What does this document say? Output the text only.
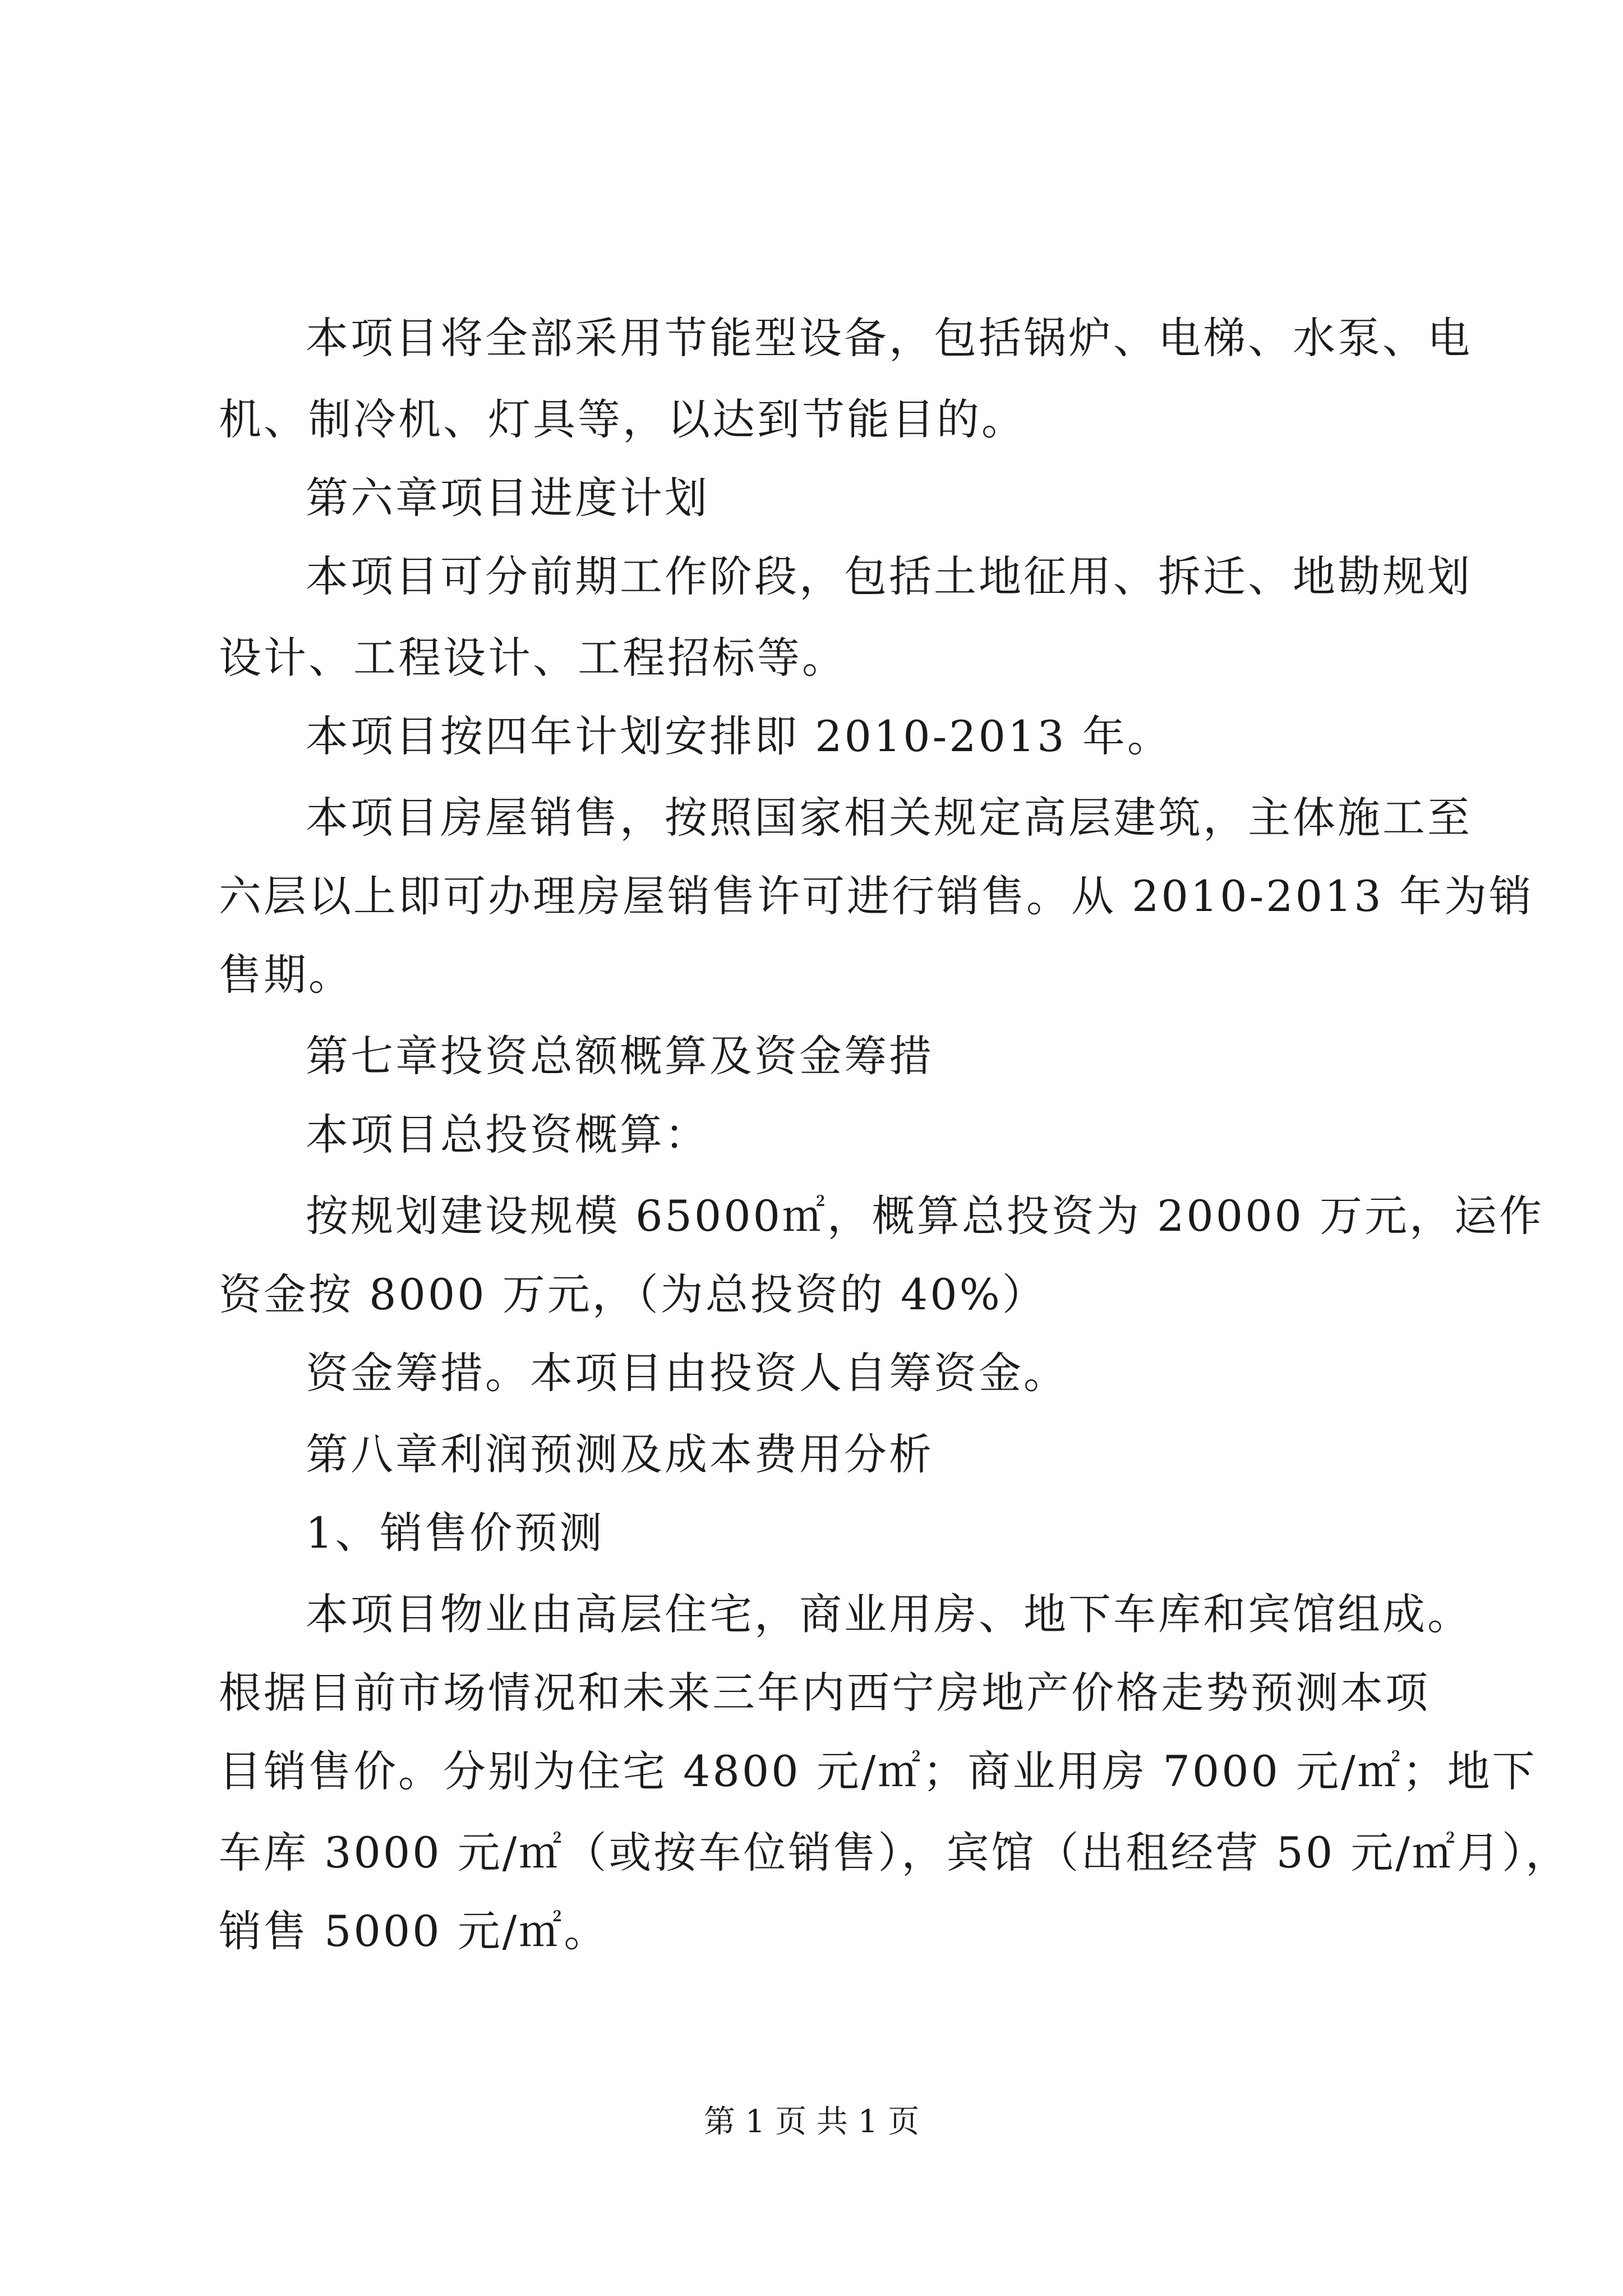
本项目将全部采用节能型设备，包括锅炉、电梯、水泵、电
机、制冷机、灯具等，以达到节能目的。
第六章项目进度计划
本项目可分前期工作阶段，包括土地征用、拆迁、地勘规划
设计、工程设计、工程招标等。
本项目按四年计划安排即 2010-2013 年。
本项目房屋销售，按照国家相关规定高层建筑，主体施工至
六层以上即可办理房屋销售许可进行销售。从 2010-2013 年为销
售期。
第七章投资总额概算及资金筹措
本项目总投资概算：
按规划建设规模 65000㎡，概算总投资为 20000 万元，运作
资金按 8000 万元，（为总投资的 40%）
资金筹措。本项目由投资人自筹资金。
第八章利润预测及成本费用分析
1、销售价预测
本项目物业由高层住宅，商业用房、地下车库和宾馆组成。
根据目前市场情况和未来三年内西宁房地产价格走势预测本项
目销售价。分别为住宅 4800 元/㎡；商业用房 7000 元/㎡；地下
车库 3000 元/㎡（或按车位销售），宾馆（出租经营 50 元/㎡月），
销售 5000 元/㎡。
第 1 页 共 1 页
